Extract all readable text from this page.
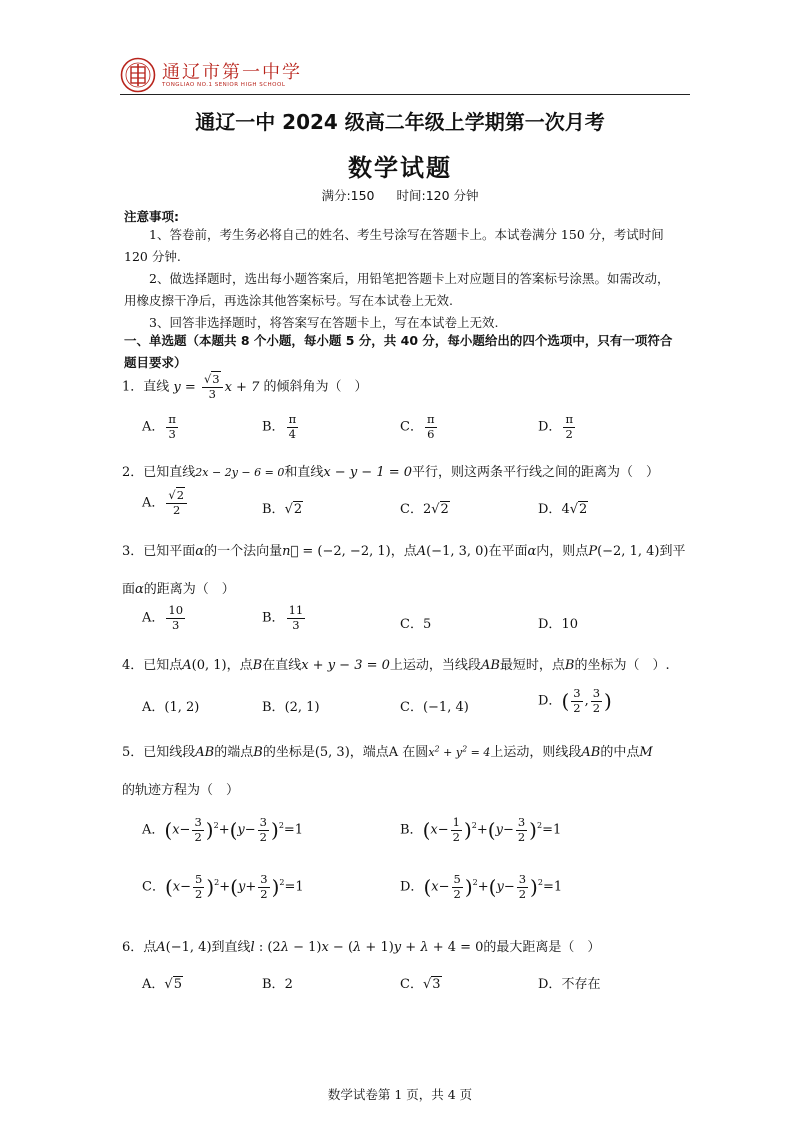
通辽市第一中学
TONGLIAO NO.1 SENIOR HIGH SCHOOL
通辽一中 2024 级高二年级上学期第一次月考
数学试题
满分:150 时间:120 分钟
注意事项:
1、答卷前，考生务必将自己的姓名、考生号涂写在答题卡上。本试卷满分 150 分，考试时间 120 分钟.
2、做选择题时，选出每小题答案后，用铅笔把答题卡上对应题目的答案标号涂黑。如需改动，用橡皮擦干净后，再选涂其他答案标号。写在本试卷上无效.
3、回答非选择题时，将答案写在答题卡上，写在本试卷上无效.
一、单选题（本题共 8 个小题，每小题 5 分，共 40 分，每小题给出的四个选项中，只有一项符合题目要求）
1．直线 $y = \frac{√3}{3}$ x + 7 的倾斜角为（　）
A． $\frac{\pi}{3}$	B． $\frac{\pi}{4}$	C． $\frac{\pi}{6}$	D． $\frac{\pi}{2}$
2．已知直线2x − 2y − 6 = 0和直线x − y − 1 = 0平行，则这两条平行线之间的距离为（　）
A． $\frac{√2}{2}$	B．√2	C．2√2	D．4√2
3．已知平面α的一个法向量n⃗ = (−2, −2, 1)，点A(−1, 3, 0)在平面α内，则点P(−2, 1, 4)到平
面α的距离为（　）
A． $\frac{10}{3}$	B． $\frac{11}{3}$	C．5	D．10
4．已知点A(0, 1)，点B在直线x + y − 3 = 0上运动，当线段AB最短时，点B的坐标为（　）.
A．(1, 2)	B．(2, 1)	C．(−1, 4)	D．( $\frac{3}{2}$ , $\frac{3}{2}$ )
5．已知线段AB的端点B的坐标是(5, 3)，端点A 在圆$x^2 + y^2 = 4$上运动，则线段AB的中点M
的轨迹方程为（　）
A．$(x- \frac{3}{2} )^2+(y- \frac{3}{2} )^2=1$	B．$(x- \frac{1}{2} )^2+(y- \frac{3}{2} )^2=1$
C．$(x- \frac{5}{2} )^2+(y+ \frac{3}{2} )^2=1$	D．$(x- \frac{5}{2} )^2+(y- \frac{3}{2} )^2=1$
6．点A(−1, 4)到直线l : (2λ − 1)x − (λ + 1)y + λ + 4 = 0的最大距离是（　）
A．√5	B．2	C．√3	D．不存在
数学试卷第 1 页，共 4 页
